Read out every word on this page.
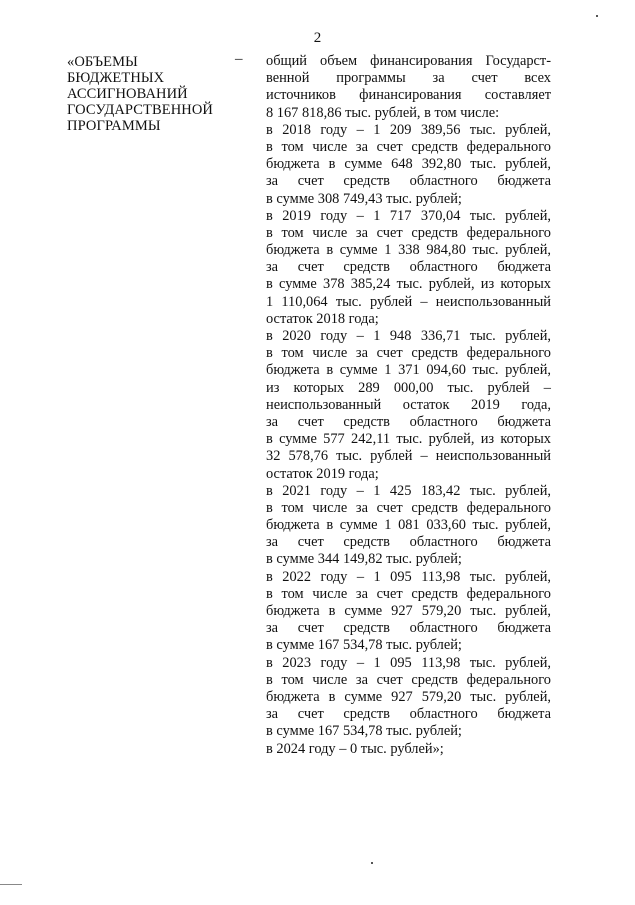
2
«ОБЪЕМЫ
БЮДЖЕТНЫХ
АССИГНОВАНИЙ
ГОСУДАРСТВЕННОЙ
ПРОГРАММЫ
– общий объем финансирования Государст-
венной программы за счет всех
источников финансирования составляет
8 167 818,86 тыс. рублей, в том числе:
в 2018 году – 1 209 389,56 тыс. рублей,
в том числе за счет средств федерального
бюджета в сумме 648 392,80 тыс. рублей,
за счет средств областного бюджета
в сумме 308 749,43 тыс. рублей;
в 2019 году – 1 717 370,04 тыс. рублей,
в том числе за счет средств федерального
бюджета в сумме 1 338 984,80 тыс. рублей,
за счет средств областного бюджета
в сумме 378 385,24 тыс. рублей, из которых
1 110,064 тыс. рублей – неиспользованный
остаток 2018 года;
в 2020 году – 1 948 336,71 тыс. рублей,
в том числе за счет средств федерального
бюджета в сумме 1 371 094,60 тыс. рублей,
из которых 289 000,00 тыс. рублей –
неиспользованный остаток 2019 года,
за счет средств областного бюджета
в сумме 577 242,11 тыс. рублей, из которых
32 578,76 тыс. рублей – неиспользованный
остаток 2019 года;
в 2021 году – 1 425 183,42 тыс. рублей,
в том числе за счет средств федерального
бюджета в сумме 1 081 033,60 тыс. рублей,
за счет средств областного бюджета
в сумме 344 149,82 тыс. рублей;
в 2022 году – 1 095 113,98 тыс. рублей,
в том числе за счет средств федерального
бюджета в сумме 927 579,20 тыс. рублей,
за счет средств областного бюджета
в сумме 167 534,78 тыс. рублей;
в 2023 году – 1 095 113,98 тыс. рублей,
в том числе за счет средств федерального
бюджета в сумме 927 579,20 тыс. рублей,
за счет средств областного бюджета
в сумме 167 534,78 тыс. рублей;
в 2024 году – 0 тыс. рублей»;
